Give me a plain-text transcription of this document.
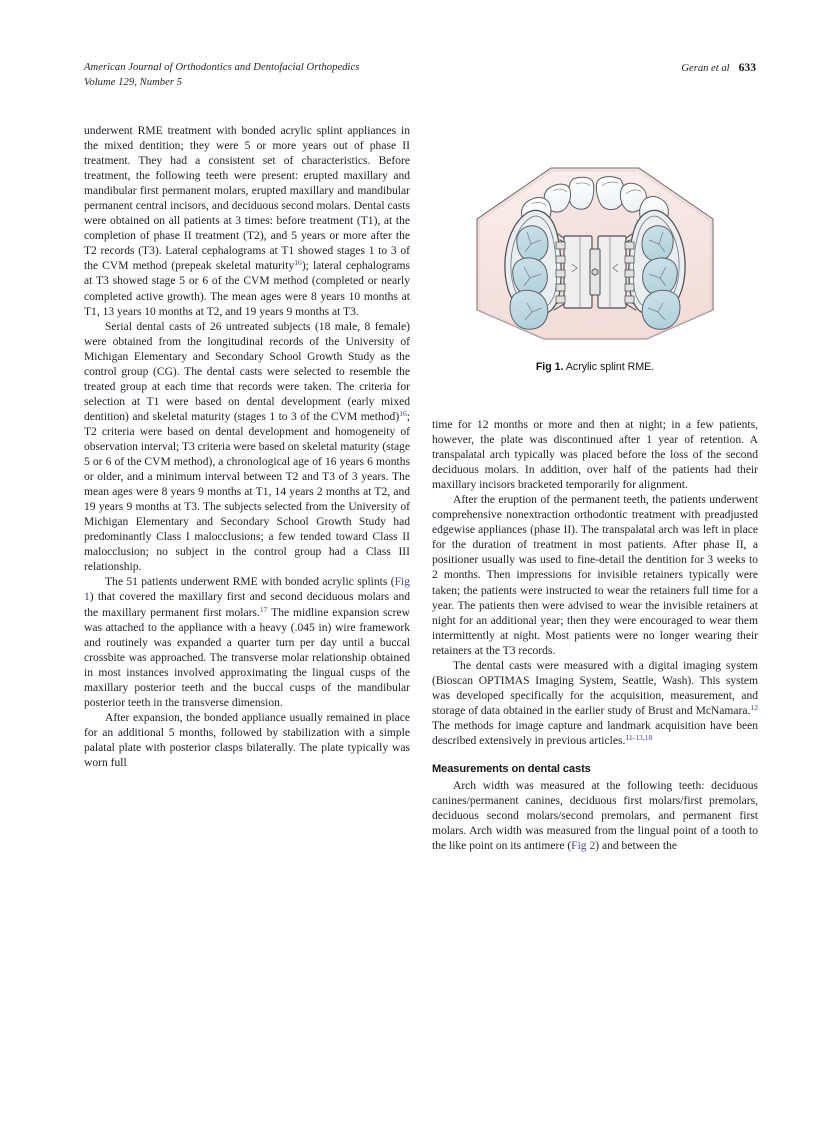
American Journal of Orthodontics and Dentofacial Orthopedics
Volume 129, Number 5
Geran et al 633

underwent RME treatment with bonded acrylic splint appliances in the mixed dentition; they were 5 or more years out of phase II treatment. They had a consistent set of characteristics. Before treatment, the following teeth were present: erupted maxillary and mandibular first permanent molars, erupted maxillary and mandibular permanent central incisors, and deciduous second molars. Dental casts were obtained on all patients at 3 times: before treatment (T1), at the completion of phase II treatment (T2), and 5 years or more after the T2 records (T3). Lateral cephalograms at T1 showed stages 1 to 3 of the CVM method (prepeak skeletal maturity$^{16}$); lateral cephalograms at T3 showed stage 5 or 6 of the CVM method (completed or nearly completed active growth). The mean ages were 8 years 10 months at T1, 13 years 10 months at T2, and 19 years 9 months at T3.

Serial dental casts of 26 untreated subjects (18 male, 8 female) were obtained from the longitudinal records of the University of Michigan Elementary and Secondary School Growth Study as the control group (CG). The dental casts were selected to resemble the treated group at each time that records were taken. The criteria for selection at T1 were based on dental development (early mixed dentition) and skeletal maturity (stages 1 to 3 of the CVM method)$^{16}$; T2 criteria were based on dental development and homogeneity of observation interval; T3 criteria were based on skeletal maturity (stage 5 or 6 of the CVM method), a chronological age of 16 years 6 months or older, and a minimum interval between T2 and T3 of 3 years. The mean ages were 8 years 9 months at T1, 14 years 2 months at T2, and 19 years 9 months at T3. The subjects selected from the University of Michigan Elementary and Secondary School Growth Study had predominantly Class I malocclusions; a few tended toward Class II malocclusion; no subject in the control group had a Class III relationship.

The 51 patients underwent RME with bonded acrylic splints (Fig 1) that covered the maxillary first and second deciduous molars and the maxillary permanent first molars.$^{17}$ The midline expansion screw was attached to the appliance with a heavy (.045 in) wire framework and routinely was expanded a quarter turn per day until a buccal crossbite was approached. The transverse molar relationship obtained in most instances involved approximating the lingual cusps of the maxillary posterior teeth and the buccal cusps of the mandibular posterior teeth in the transverse dimension.

After expansion, the bonded appliance usually remained in place for an additional 5 months, followed by stabilization with a simple palatal plate with posterior clasps bilaterally. The plate typically was worn full

Fig 1. Acrylic splint RME.

time for 12 months or more and then at night; in a few patients, however, the plate was discontinued after 1 year of retention. A transpalatal arch typically was placed before the loss of the second deciduous molars. In addition, over half of the patients had their maxillary incisors bracketed temporarily for alignment.

After the eruption of the permanent teeth, the patients underwent comprehensive nonextraction orthodontic treatment with preadjusted edgewise appliances (phase II). The transpalatal arch was left in place for the duration of treatment in most patients. After phase II, a positioner usually was used to fine-detail the dentition for 3 weeks to 2 months. Then impressions for invisible retainers typically were taken; the patients were instructed to wear the retainers full time for a year. The patients then were advised to wear the invisible retainers at night for an additional year; then they were encouraged to wear them intermittently at night. Most patients were no longer wearing their retainers at the T3 records.

The dental casts were measured with a digital imaging system (Bioscan OPTIMAS Imaging System, Seattle, Wash). This system was developed specifically for the acquisition, measurement, and storage of data obtained in the earlier study of Brust and McNamara.$^{12}$ The methods for image capture and landmark acquisition have been described extensively in previous articles.$^{11-13,18}$

Measurements on dental casts

Arch width was measured at the following teeth: deciduous canines/permanent canines, deciduous first molars/first premolars, deciduous second molars/second premolars, and permanent first molars. Arch width was measured from the lingual point of a tooth to the like point on its antimere (Fig 2) and between the
